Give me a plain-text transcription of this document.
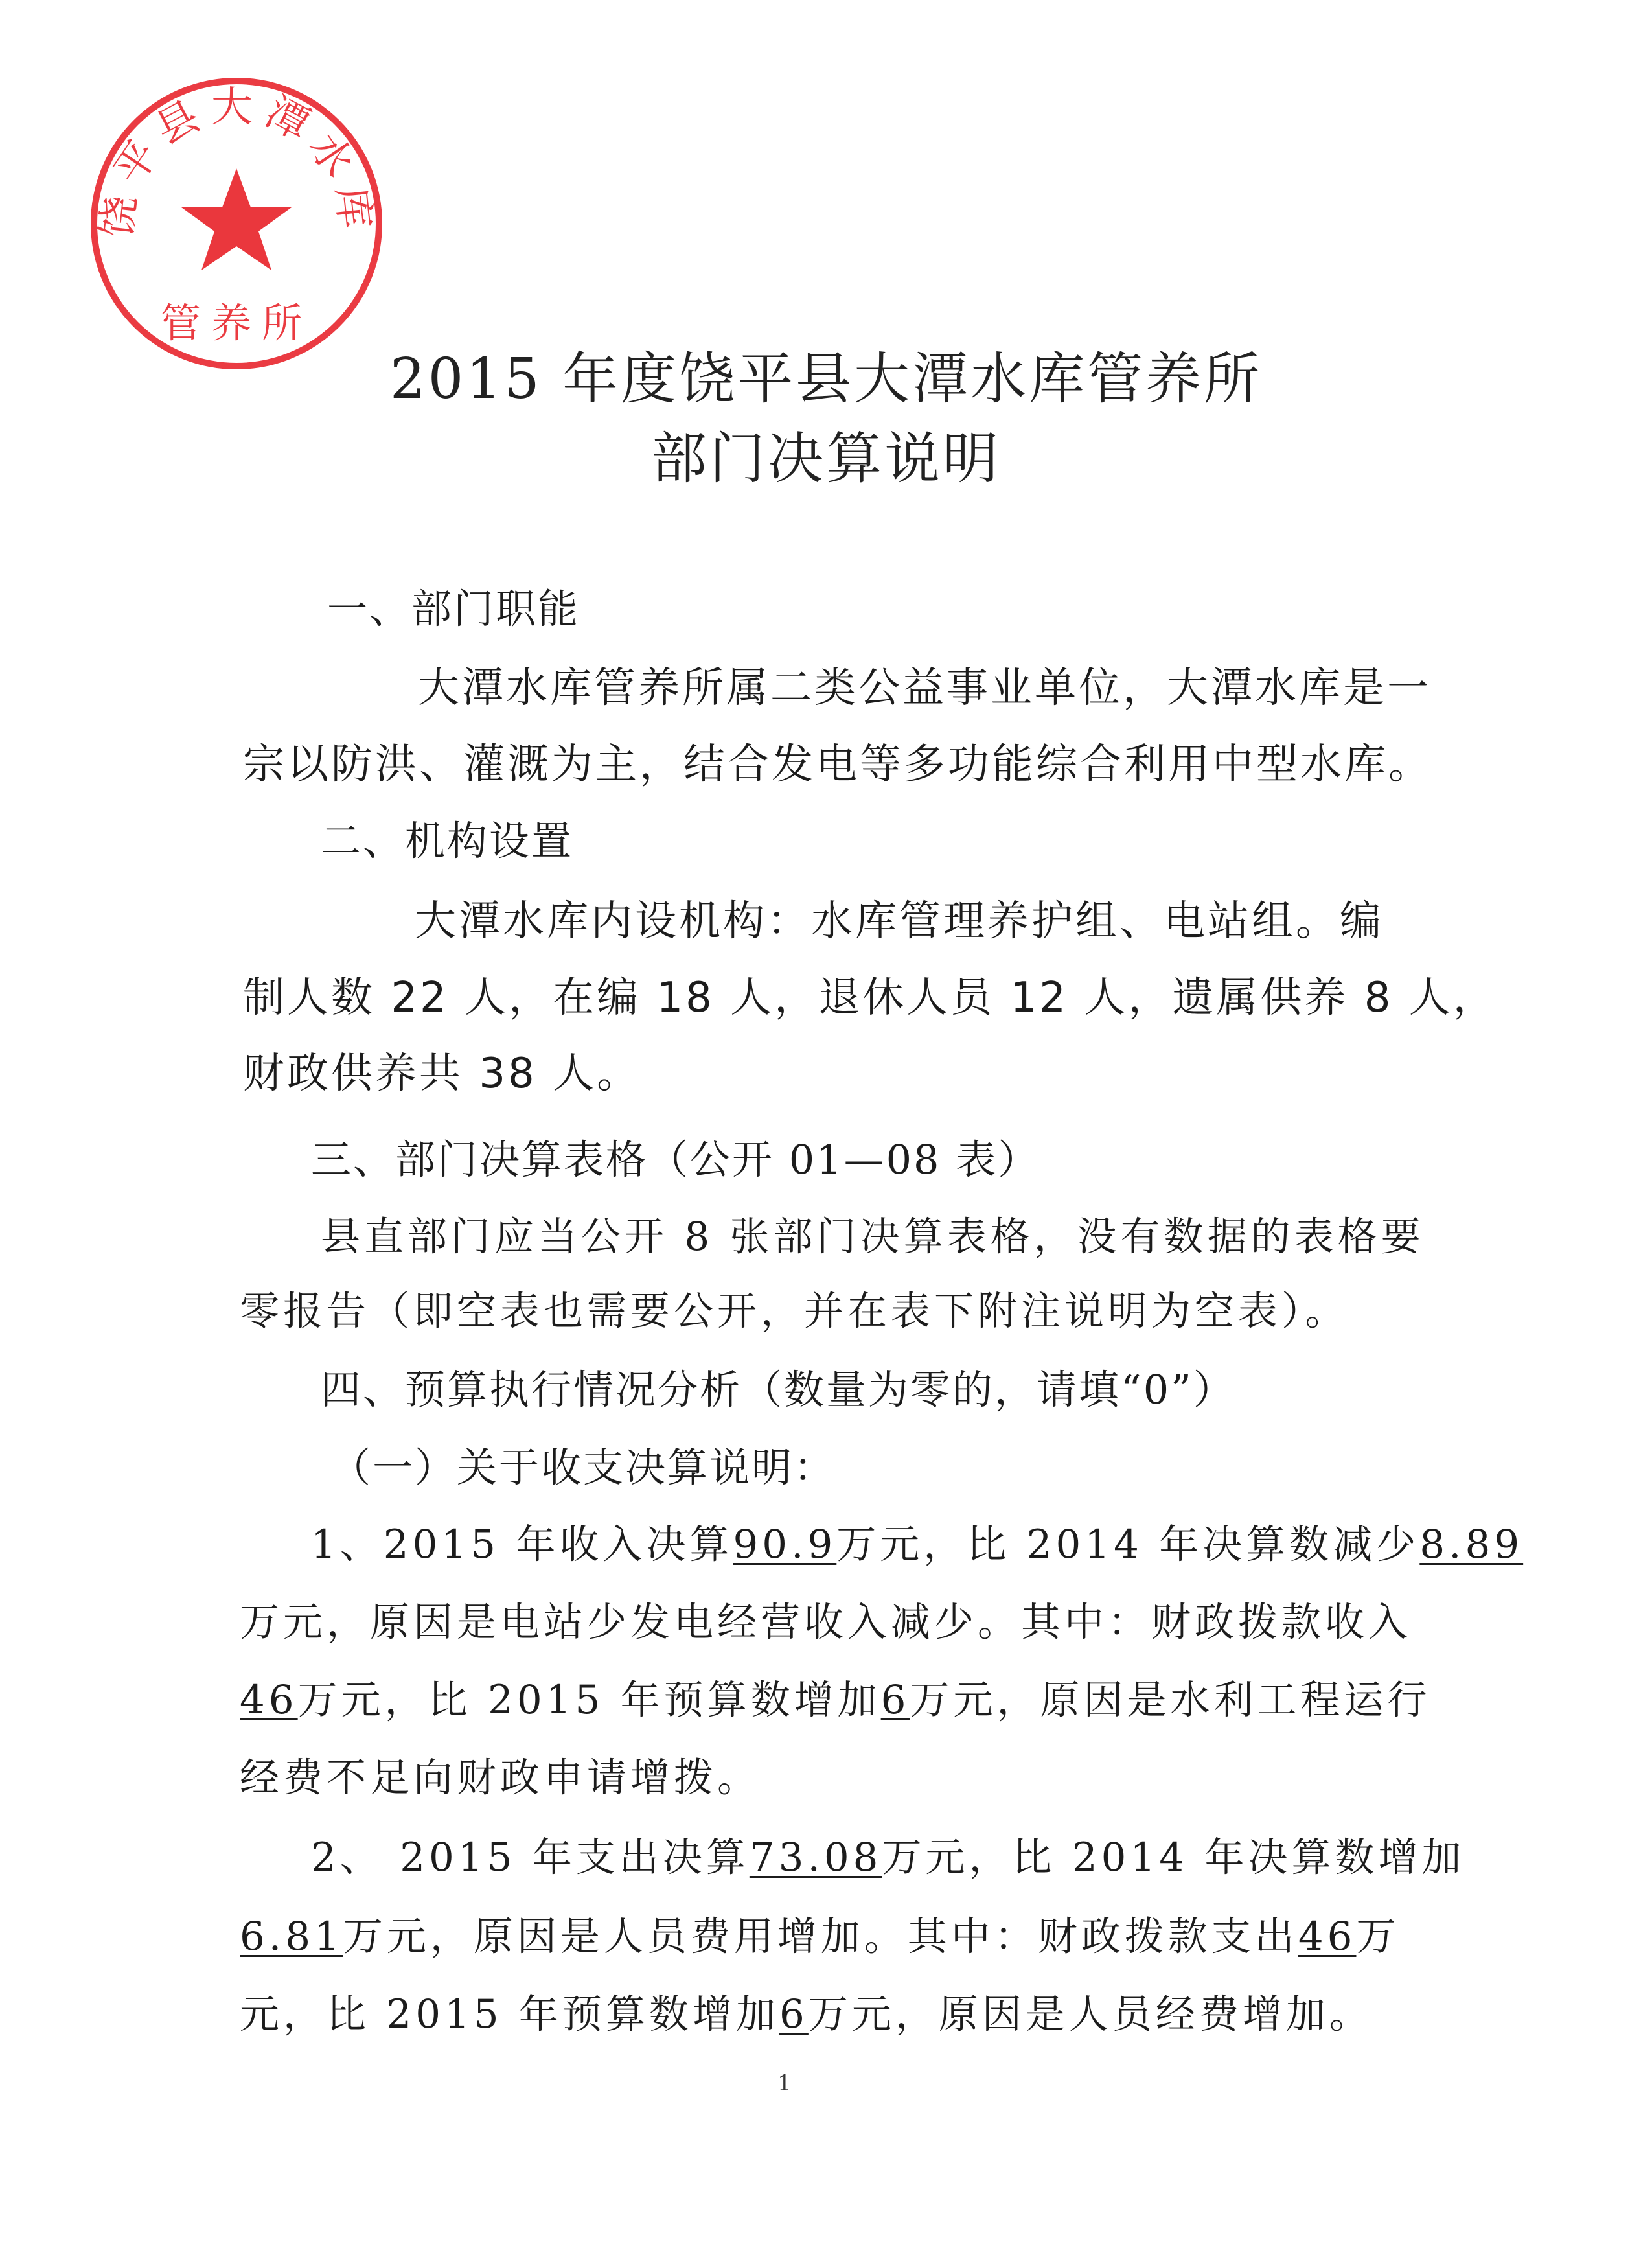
饶平县大潭水库
管养所
2015 年度饶平县大潭水库管养所
部门决算说明
一、部门职能
大潭水库管养所属二类公益事业单位，大潭水库是一
宗以防洪、灌溉为主，结合发电等多功能综合利用中型水库。
二、机构设置
大潭水库内设机构：水库管理养护组、电站组。编
制人数 22 人，在编 18 人，退休人员 12 人，遗属供养 8 人，
财政供养共 38 人。
三、部门决算表格（公开 01—08 表）
县直部门应当公开 8 张部门决算表格，没有数据的表格要
零报告（即空表也需要公开，并在表下附注说明为空表）。
四、预算执行情况分析（数量为零的，请填“0”）
（一）关于收支决算说明：
1、2015 年收入决算90.9万元，比 2014 年决算数减少8.89
万元，原因是电站少发电经营收入减少。其中：财政拨款收入
46万元，比 2015 年预算数增加6万元，原因是水利工程运行
经费不足向财政申请增拨。
2、 2015 年支出决算73.08万元，比 2014 年决算数增加
6.81万元，原因是人员费用增加。其中：财政拨款支出46万
元，比 2015 年预算数增加6万元，原因是人员经费增加。
1
